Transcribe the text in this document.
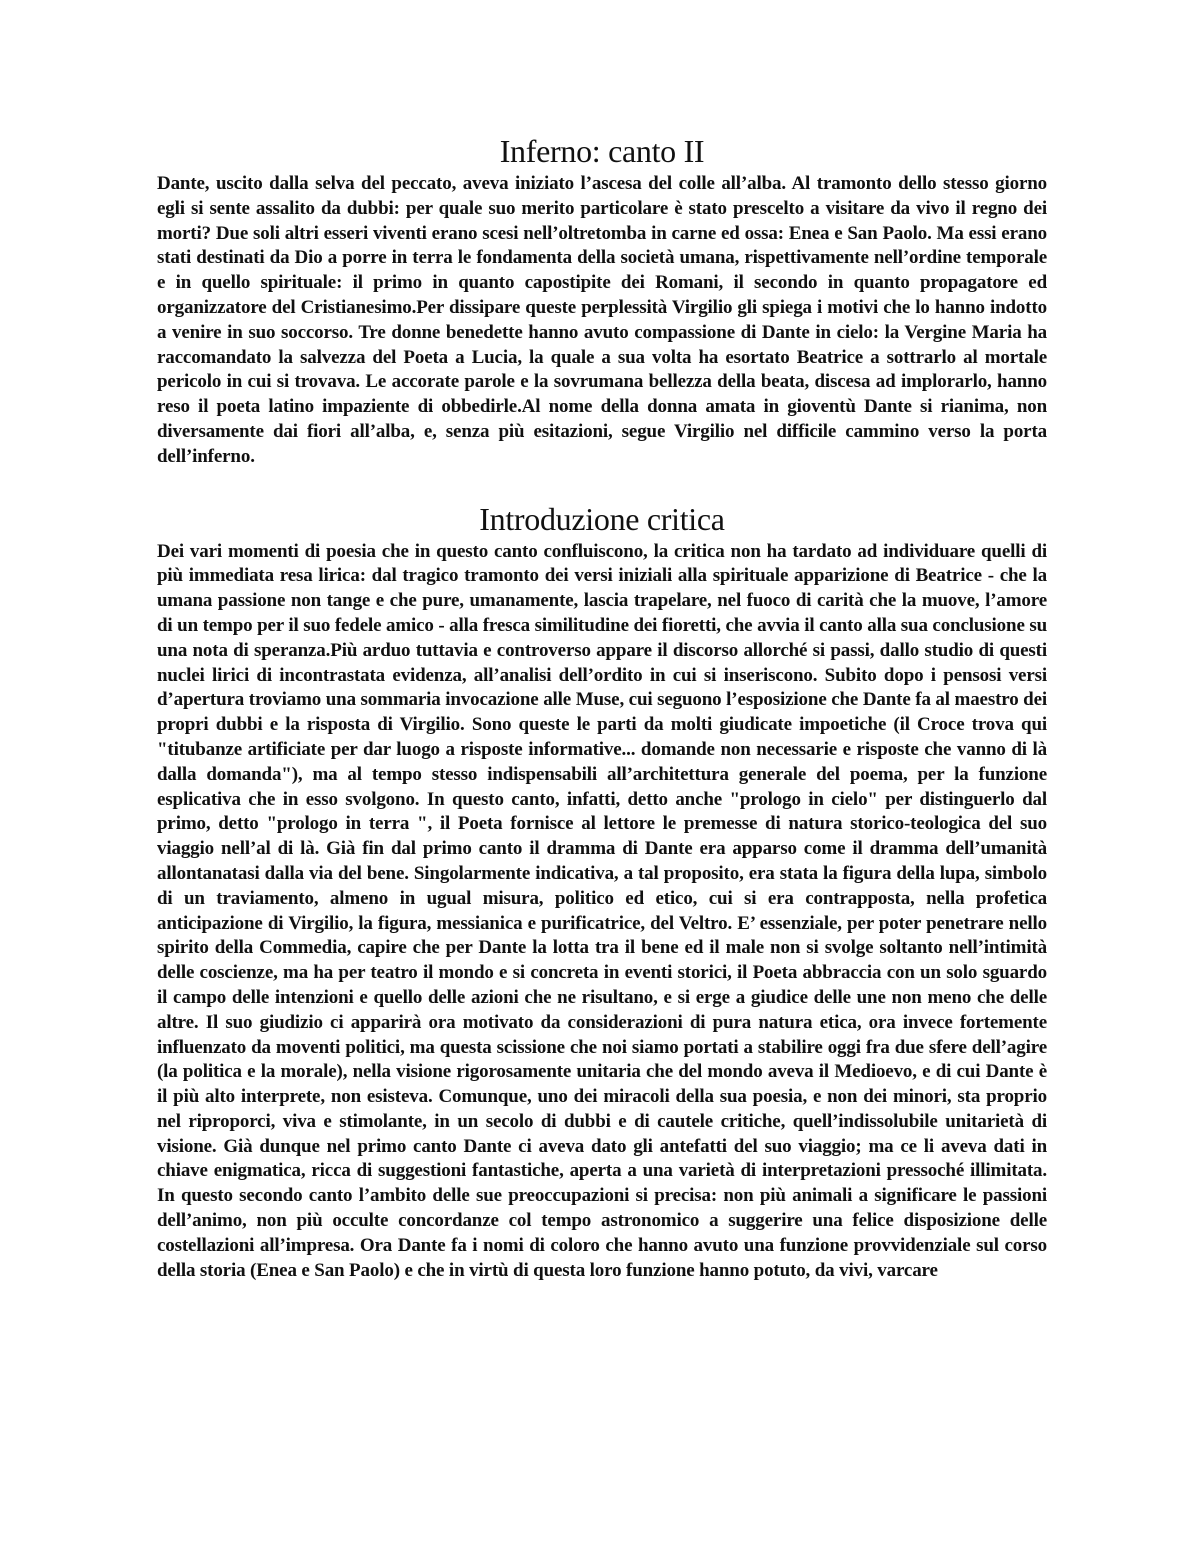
Inferno: canto II

Dante, uscito dalla selva del peccato, aveva iniziato l’ascesa del colle all’alba. Al tramonto dello stesso giorno egli si sente assalito da dubbi: per quale suo merito particolare è stato prescelto a visitare da vivo il regno dei morti? Due soli altri esseri viventi erano scesi nell’oltretomba in carne ed ossa: Enea e San Paolo. Ma essi erano stati destinati da Dio a porre in terra le fondamenta della società umana, rispettivamente nell’ordine temporale e in quello spirituale: il primo in quanto capostipite dei Romani, il secondo in quanto propagatore ed organizzatore del Cristianesimo.Per dissipare queste perplessità Virgilio gli spiega i motivi che lo hanno indotto a venire in suo soccorso. Tre donne benedette hanno avuto compassione di Dante in cielo: la Vergine Maria ha raccomandato la salvezza del Poeta a Lucia, la quale a sua volta ha esortato Beatrice a sottrarlo al mortale pericolo in cui si trovava. Le accorate parole e la sovrumana bellezza della beata, discesa ad implorarlo, hanno reso il poeta latino impaziente di obbedirle.Al nome della donna amata in gioventù Dante si rianima, non diversamente dai fiori all’alba, e, senza più esitazioni, segue Virgilio nel difficile cammino verso la porta dell’inferno.

Introduzione critica

Dei vari momenti di poesia che in questo canto confluiscono, la critica non ha tardato ad individuare quelli di più immediata resa lirica: dal tragico tramonto dei versi iniziali alla spirituale apparizione di Beatrice - che la umana passione non tange e che pure, umanamente, lascia trapelare, nel fuoco di carità che la muove, l’amore di un tempo per il suo fedele amico - alla fresca similitudine dei fioretti, che avvia il canto alla sua conclusione su una nota di speranza.Più arduo tuttavia e controverso appare il discorso allorché si passi, dallo studio di questi nuclei lirici di incontrastata evidenza, all’analisi dell’ordito in cui si inseriscono. Subito dopo i pensosi versi d’apertura troviamo una sommaria invocazione alle Muse, cui seguono l’esposizione che Dante fa al maestro dei propri dubbi e la risposta di Virgilio. Sono queste le parti da molti giudicate impoetiche (il Croce trova qui "titubanze artificiate per dar luogo a risposte informative... domande non necessarie e risposte che vanno di là dalla domanda"), ma al tempo stesso indispensabili all’architettura generale del poema, per la funzione esplicativa che in esso svolgono. In questo canto, infatti, detto anche "prologo in cielo" per distinguerlo dal primo, detto "prologo in terra ", il Poeta fornisce al lettore le premesse di natura storico-teologica del suo viaggio nell’al di là. Già fin dal primo canto il dramma di Dante era apparso come il dramma dell’umanità allontanatasi dalla via del bene. Singolarmente indicativa, a tal proposito, era stata la figura della lupa, simbolo di un traviamento, almeno in ugual misura, politico ed etico, cui si era contrapposta, nella profetica anticipazione di Virgilio, la figura, messianica e purificatrice, del Veltro. E’ essenziale, per poter penetrare nello spirito della Commedia, capire che per Dante la lotta tra il bene ed il male non si svolge soltanto nell’intimità delle coscienze, ma ha per teatro il mondo e si concreta in eventi storici, il Poeta abbraccia con un solo sguardo il campo delle intenzioni e quello delle azioni che ne risultano, e si erge a giudice delle une non meno che delle altre. Il suo giudizio ci apparirà ora motivato da considerazioni di pura natura etica, ora invece fortemente influenzato da moventi politici, ma questa scissione che noi siamo portati a stabilire oggi fra due sfere dell’agire (la politica e la morale), nella visione rigorosamente unitaria che del mondo aveva il Medioevo, e di cui Dante è il più alto interprete, non esisteva. Comunque, uno dei miracoli della sua poesia, e non dei minori, sta proprio nel riproporci, viva e stimolante, in un secolo di dubbi e di cautele critiche, quell’indissolubile unitarietà di visione. Già dunque nel primo canto Dante ci aveva dato gli antefatti del suo viaggio; ma ce li aveva dati in chiave enigmatica, ricca di suggestioni fantastiche, aperta a una varietà di interpretazioni pressoché illimitata. In questo secondo canto l’ambito delle sue preoccupazioni si precisa: non più animali a significare le passioni dell’animo, non più occulte concordanze col tempo astronomico a suggerire una felice disposizione delle costellazioni all’impresa. Ora Dante fa i nomi di coloro che hanno avuto una funzione provvidenziale sul corso della storia (Enea e San Paolo) e che in virtù di questa loro funzione hanno potuto, da vivi, varcare
